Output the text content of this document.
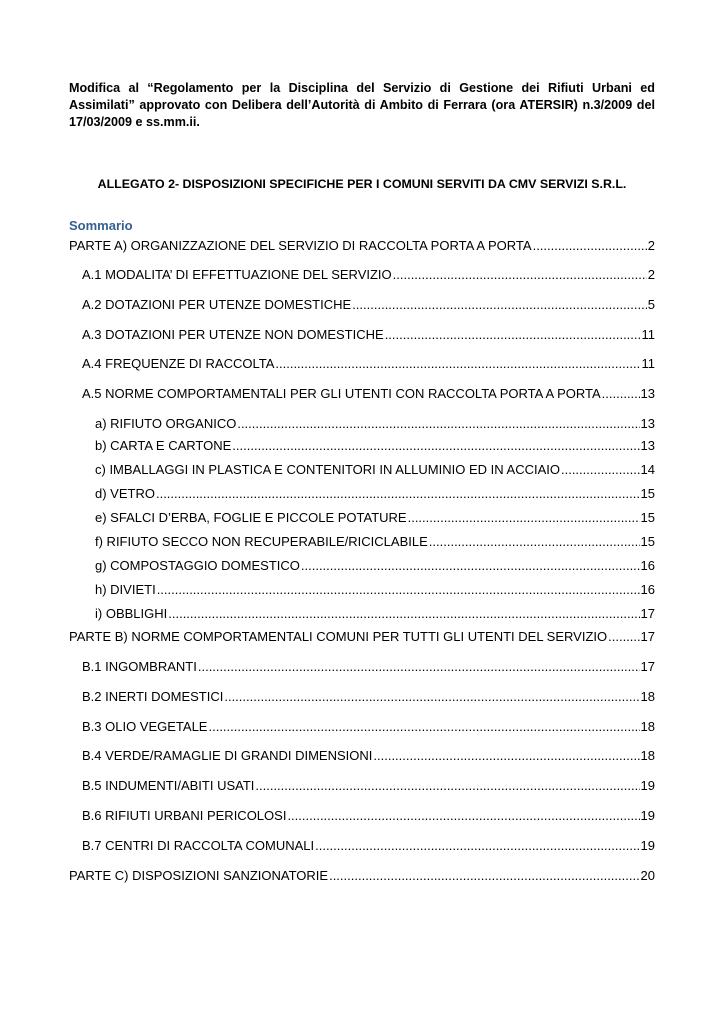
Modifica al “Regolamento per la Disciplina del Servizio di Gestione dei Rifiuti Urbani ed Assimilati” approvato con Delibera dell’Autorità di Ambito di Ferrara (ora ATERSIR) n.3/2009 del 17/03/2009 e ss.mm.ii.
ALLEGATO 2- DISPOSIZIONI SPECIFICHE PER I COMUNI SERVITI DA CMV SERVIZI S.R.L.
Sommario
PARTE A) ORGANIZZAZIONE DEL SERVIZIO DI RACCOLTA PORTA A PORTA .....	2
A.1 MODALITA’ DI EFFETTUAZIONE DEL SERVIZIO .....	2
A.2 DOTAZIONI PER UTENZE DOMESTICHE .....	5
A.3 DOTAZIONI PER UTENZE NON DOMESTICHE .....	11
A.4 FREQUENZE DI RACCOLTA .....	11
A.5 NORME COMPORTAMENTALI PER GLI UTENTI CON RACCOLTA PORTA A PORTA .....	13
a) RIFIUTO ORGANICO .....	13
b) CARTA E CARTONE .....	13
c) IMBALLAGGI IN PLASTICA E CONTENITORI IN ALLUMINIO ED IN ACCIAIO .....	14
d) VETRO .....	15
e) SFALCI D’ERBA, FOGLIE E PICCOLE POTATURE .....	15
f) RIFIUTO SECCO NON RECUPERABILE/RICICLABILE .....	15
g) COMPOSTAGGIO DOMESTICO .....	16
h) DIVIETI .....	16
i) OBBLIGHI .....	17
PARTE B) NORME COMPORTAMENTALI COMUNI PER TUTTI GLI UTENTI DEL SERVIZIO .....	17
B.1 INGOMBRANTI .....	17
B.2 INERTI DOMESTICI .....	18
B.3 OLIO VEGETALE .....	18
B.4 VERDE/RAMAGLIE DI GRANDI DIMENSIONI .....	18
B.5 INDUMENTI/ABITI USATI .....	19
B.6 RIFIUTI URBANI PERICOLOSI .....	19
B.7 CENTRI DI RACCOLTA COMUNALI .....	19
PARTE C) DISPOSIZIONI SANZIONATORIE .....	20
